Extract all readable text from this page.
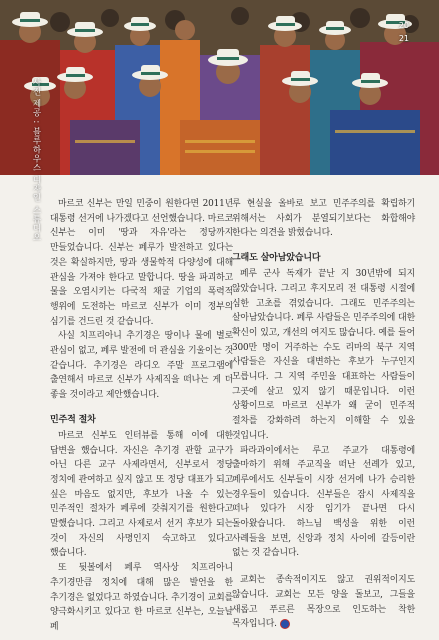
사진 제공 : 블루하우스 디자인 스튜디오
20
21

마르코 신부는 만일 민중이 원한다면 2011년 대통령 선거에 나가겠다고 선언했습니다. 마르코 신부는 이미 '땅과 자유'라는 정당까지 만들었습니다. 신부는 페루가 발전하고 있다는 것은 확실하지만, 땅과 생물학적 다양성에 대해 관심을 가져야 한다고 말합니다. 땅을 파괴하고 물을 오염시키는 다국적 채굴 기업의 폭력적 행위에 도전하는 마르코 신부가 이미 정부의 심기를 건드린 것 같습니다.

사실 치프리아니 추기경은 땅이나 물에 별로 관심이 없고, 페루 발전에 더 관심을 기울이는 것 같습니다. 추기경은 라디오 주말 프로그램에 출연해서 마르코 신부가 사제직을 떠나는 게 더 좋을 것이라고 제안했습니다.

민주적 절차

마르코 신부도 인터뷰를 통해 이에 대한 답변을 했습니다. 자신은 추기경 관할 교구가 아닌 다른 교구 사제라면서, 신부로서 정당 정치에 관여하고 싶지 않고 또 정당 대표가 되고 싶은 마음도 없지만, 후보가 나올 수 있는 민주적인 절차가 페루에 갖춰지기를 원한다고 말했습니다. 그리고 사제로서 선거 후보가 되는 것이 자신의 사명인지 숙고하고 있다고 했습니다.

또 뒷볼에서 페루 역사상 치프리아니 추기경만큼 정치에 대해 많은 발언을 한 추기경은 없었다고 하였습니다. 추기경이 교회를 양극화시키고 있다고 한 마르코 신부는, 오늘날 페

루 현실을 올바로 보고 민주주의를 확립하기 위해서는 사회가 분열되기보다는 화합해야 한다는 의견을 밝혔습니다.

그래도 살아남았습니다

페루 군사 독재가 끝난 지 30년밖에 되지 않았습니다. 그리고 후지모리 전 대통령 시절에 심한 고초를 겪었습니다. 그래도 민주주의는 살아남았습니다. 페루 사람들은 민주주의에 대한 확신이 있고, 개선의 여지도 많습니다. 예를 들어 300만 명이 거주하는 수도 리마의 북구 지역 사람들은 자신을 대변하는 후보가 누구인지 모릅니다. 그 지역 주민을 대표하는 사람들이 그곳에 살고 있지 않기 때문입니다. 이런 상황이므로 마르코 신부가 왜 굳이 민주적 절차를 강화하려 하는지 이해할 수 있을 것입니다.

파라과이에서는 루고 주교가 대통령에 출마하기 위해 주교직을 떠난 선례가 있고, 페루에서도 신부들이 시장 선거에 나가 승리한 경우들이 있습니다. 신부들은 잠시 사제직을 떠나 있다가 시장 임기가 끝나면 다시 돌아왔습니다. 하느님 백성을 위한 이런 사례들을 보면, 신앙과 정치 사이에 갈등이란 없는 것 같습니다.

교회는 종속적이지도 않고 권위적이지도 않습니다. 교회는 모든 양을 돌보고, 그들을 새롭고 푸르른 목장으로 인도하는 착한 목자입니다.
